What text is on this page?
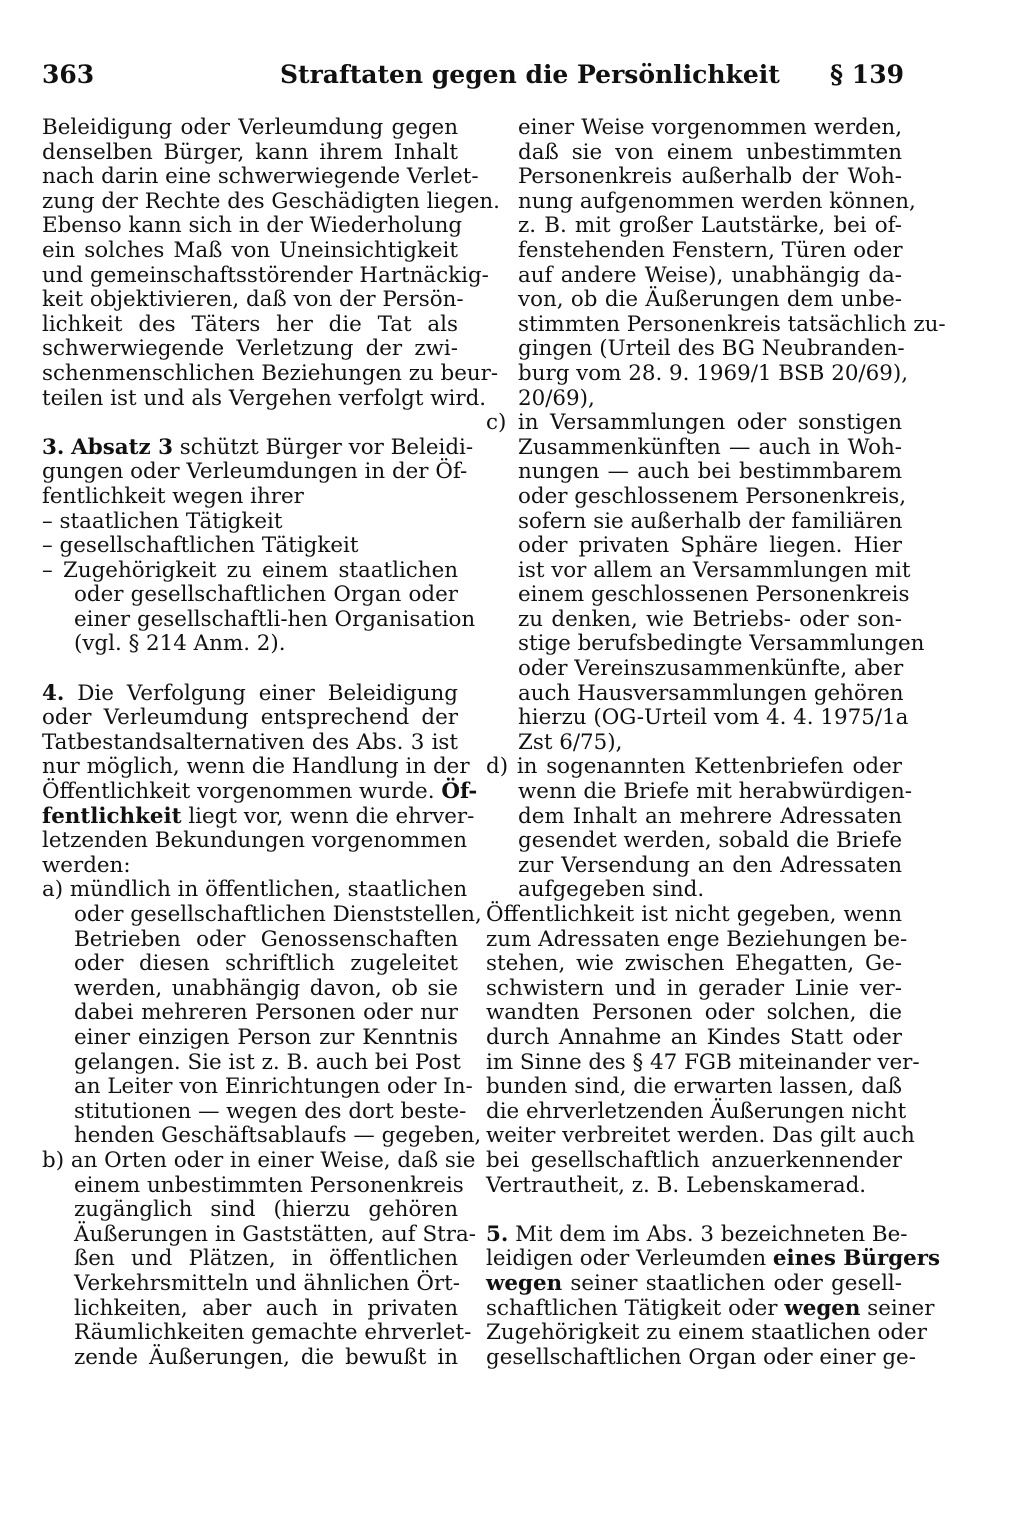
363	Straftaten gegen die Persönlichkeit § 139

Beleidigung oder Verleumdung gegen
denselben Bürger, kann ihrem Inhalt
nach darin eine schwerwiegende Verlet-
zung der Rechte des Geschädigten liegen.
Ebenso kann sich in der Wiederholung
ein solches Maß von Uneinsichtigkeit
und gemeinschaftsstörender Hartnäckig-
keit objektivieren, daß von der Persön-
lichkeit des Täters her die Tat als
schwerwiegende Verletzung der zwi-
schenmenschlichen Beziehungen zu beur-
teilen ist und als Vergehen verfolgt wird.

3. Absatz 3 schützt Bürger vor Beleidi-
gungen oder Verleumdungen in der Öf-
fentlichkeit wegen ihrer
– staatlichen Tätigkeit
– gesellschaftlichen Tätigkeit
– Zugehörigkeit zu einem staatlichen
oder gesellschaftlichen Organ oder
einer gesellschaftli-hen Organisation
(vgl. § 214 Anm. 2).

4. Die Verfolgung einer Beleidigung
oder Verleumdung entsprechend der
Tatbestandsalternativen des Abs. 3 ist
nur möglich, wenn die Handlung in der
Öffentlichkeit vorgenommen wurde. Öf-
fentlichkeit liegt vor, wenn die ehrver-
letzenden Bekundungen vorgenommen
werden:
a) mündlich in öffentlichen, staatlichen
oder gesellschaftlichen Dienststellen,
Betrieben oder Genossenschaften
oder diesen schriftlich zugeleitet
werden, unabhängig davon, ob sie
dabei mehreren Personen oder nur
einer einzigen Person zur Kenntnis
gelangen. Sie ist z. B. auch bei Post
an Leiter von Einrichtungen oder In-
stitutionen — wegen des dort beste-
henden Geschäftsablaufs — gegeben,
b) an Orten oder in einer Weise, daß sie
einem unbestimmten Personenkreis
zugänglich sind (hierzu gehören
Äußerungen in Gaststätten, auf Stra-
ßen und Plätzen, in öffentlichen
Verkehrsmitteln und ähnlichen Ört-
lichkeiten, aber auch in privaten
Räumlichkeiten gemachte ehrverlet-
zende Äußerungen, die bewußt in

einer Weise vorgenommen werden,
daß sie von einem unbestimmten
Personenkreis außerhalb der Woh-
nung aufgenommen werden können,
z. B. mit großer Lautstärke, bei of-
fenstehenden Fenstern, Türen oder
auf andere Weise), unabhängig da-
von, ob die Äußerungen dem unbe-
stimmten Personenkreis tatsächlich zu-
gingen (Urteil des BG Neubranden-
burg vom 28. 9. 1969/1 BSB 20/69),
20/69),

c) in Versammlungen oder sonstigen
Zusammenkünften — auch in Woh-
nungen — auch bei bestimmbarem
oder geschlossenem Personenkreis,
sofern sie außerhalb der familiären
oder privaten Sphäre liegen. Hier
ist vor allem an Versammlungen mit
einem geschlossenen Personenkreis
zu denken, wie Betriebs- oder son-
stige berufsbedingte Versammlungen
oder Vereinszusammenkünfte, aber
auch Hausversammlungen gehören
hierzu (OG-Urteil vom 4. 4. 1975/1a
Zst 6/75),

d) in sogenannten Kettenbriefen oder
wenn die Briefe mit herabwürdigen-
dem Inhalt an mehrere Adressaten
gesendet werden, sobald die Briefe
zur Versendung an den Adressaten
aufgegeben sind.

Öffentlichkeit ist nicht gegeben, wenn
zum Adressaten enge Beziehungen be-
stehen, wie zwischen Ehegatten, Ge-
schwistern und in gerader Linie ver-
wandten Personen oder solchen, die
durch Annahme an Kindes Statt oder
im Sinne des § 47 FGB miteinander ver-
bunden sind, die erwarten lassen, daß
die ehrverletzenden Äußerungen nicht
weiter verbreitet werden. Das gilt auch
bei gesellschaftlich anzuerkennender
Vertrautheit, z. B. Lebenskamerad.

5. Mit dem im Abs. 3 bezeichneten Be-
leidigen oder Verleumden eines Bürgers
wegen seiner staatlichen oder gesell-
schaftlichen Tätigkeit oder wegen seiner
Zugehörigkeit zu einem staatlichen oder
gesellschaftlichen Organ oder einer ge-
